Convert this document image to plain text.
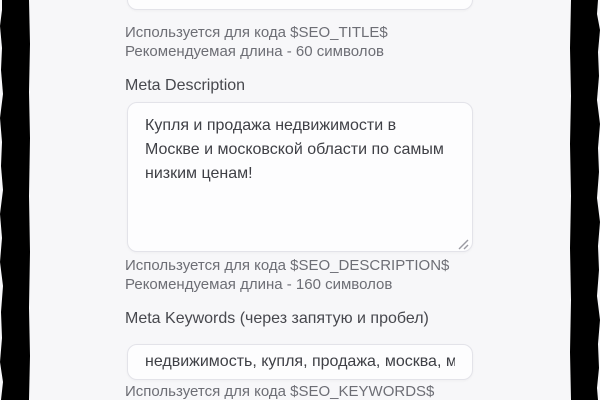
Недвижимость в Москве и области
Используется для кода $SEO_TITLE$
Рекомендуемая длина - 60 символов
Meta Description
Купля и продажа недвижимости в Москве и московской области по самым низким ценам!
Используется для кода $SEO_DESCRIPTION$
Рекомендуемая длина - 160 символов
Meta Keywords (через запятую и пробел)
недвижимость, купля, продажа, москва, мо
Используется для кода $SEO_KEYWORDS$
